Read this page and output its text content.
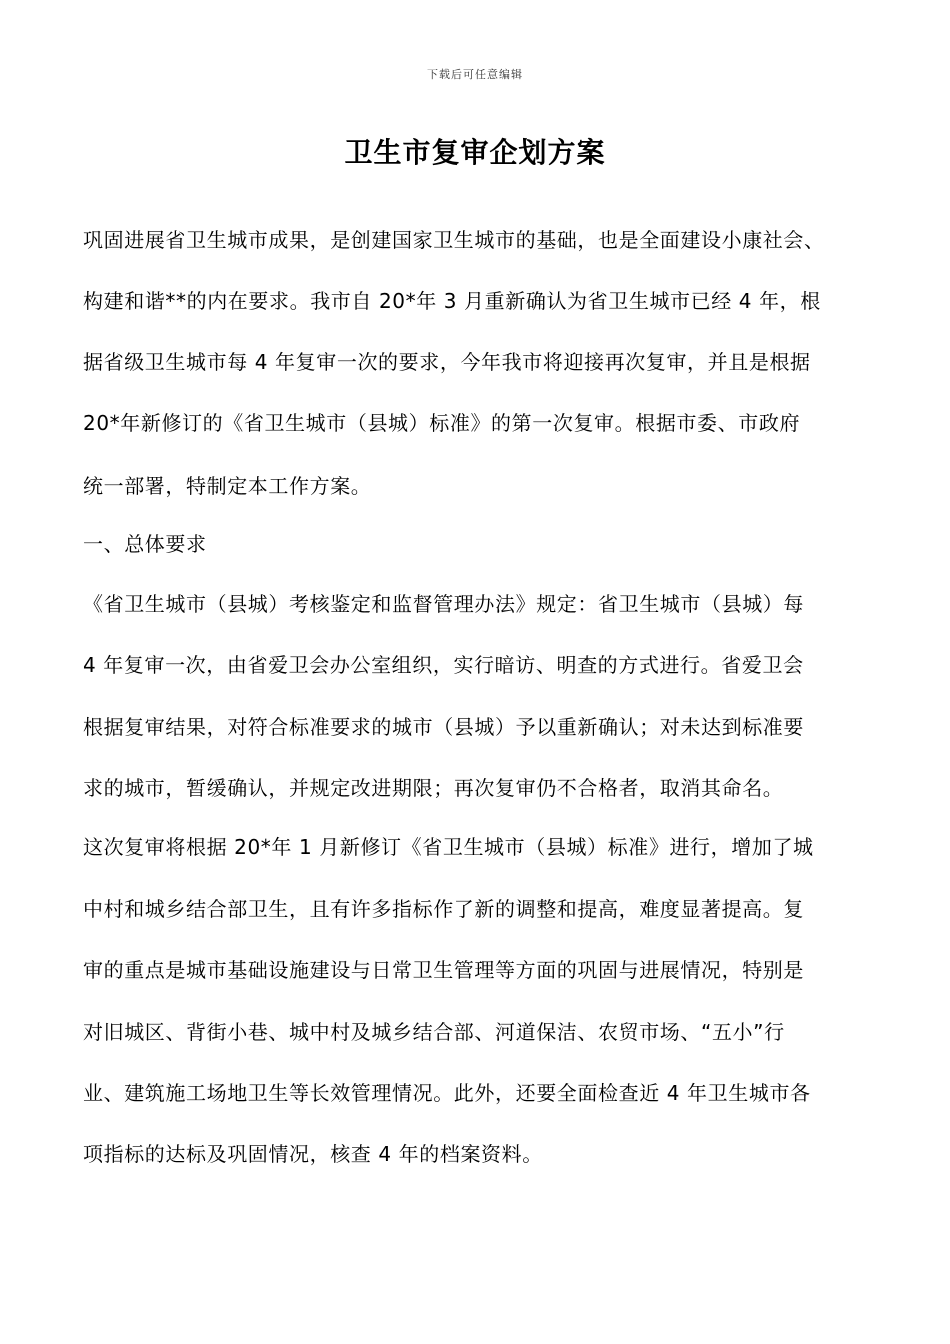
下载后可任意编辑
卫生市复审企划方案

巩固进展省卫生城市成果，是创建国家卫生城市的基础，也是全面建设小康社会、

构建和谐**的内在要求。我市自 20*年 3 月重新确认为省卫生城市已经 4 年，根

据省级卫生城市每 4 年复审一次的要求，今年我市将迎接再次复审，并且是根据

20*年新修订的《省卫生城市（县城）标准》的第一次复审。根据市委、市政府

统一部署，特制定本工作方案。

一、总体要求

《省卫生城市（县城）考核鉴定和监督管理办法》规定：省卫生城市（县城）每

4 年复审一次，由省爱卫会办公室组织，实行暗访、明查的方式进行。省爱卫会

根据复审结果，对符合标准要求的城市（县城）予以重新确认；对未达到标准要

求的城市，暂缓确认，并规定改进期限；再次复审仍不合格者，取消其命名。

这次复审将根据 20*年 1 月新修订《省卫生城市（县城）标准》进行，增加了城

中村和城乡结合部卫生，且有许多指标作了新的调整和提高，难度显著提高。复

审的重点是城市基础设施建设与日常卫生管理等方面的巩固与进展情况，特别是

对旧城区、背街小巷、城中村及城乡结合部、河道保洁、农贸市场、“五小”行

业、建筑施工场地卫生等长效管理情况。此外，还要全面检查近 4 年卫生城市各

项指标的达标及巩固情况，核查 4 年的档案资料。
